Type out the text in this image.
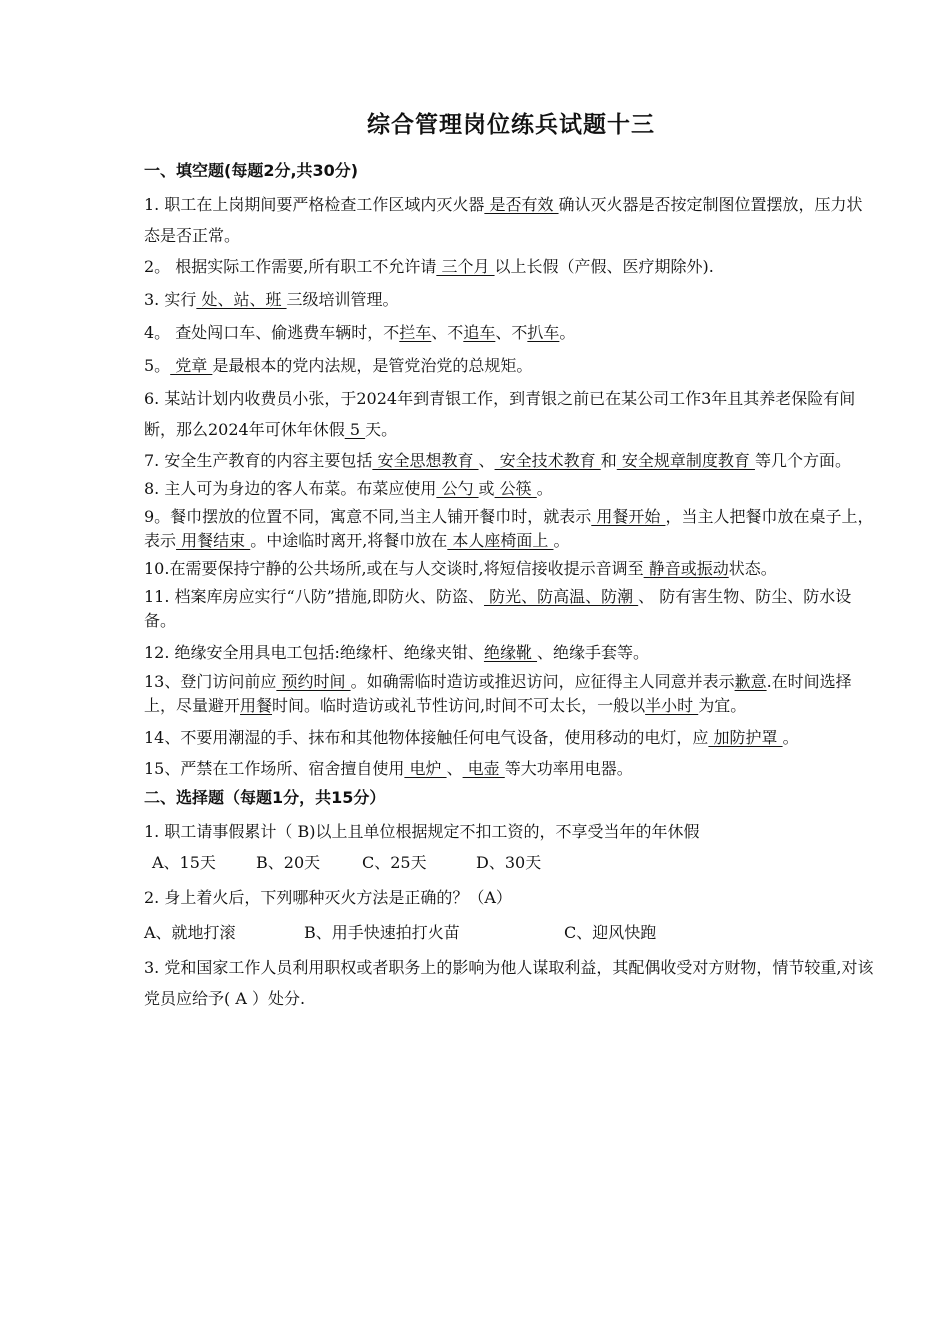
综合管理岗位练兵试题十三
一、填空题(每题2分,共30分)

1. 职工在上岗期间要严格检查工作区域内灭火器 是否有效 确认灭火器是否按定制图位置摆放，压力状态是否正常。

2。 根据实际工作需要,所有职工不允许请 三个月 以上长假（产假、医疗期除外).

3. 实行 处、站、班 三级培训管理。

4。 查处闯口车、偷逃费车辆时，不拦车、不追车、不扒车。

5。 党章 是最根本的党内法规，是管党治党的总规矩。

6. 某站计划内收费员小张，于2024年到青银工作，到青银之前已在某公司工作3年且其养老保险有间断，那么2024年可休年休假 5 天。

7. 安全生产教育的内容主要包括 安全思想教育 、 安全技术教育 和 安全规章制度教育 等几个方面。

8. 主人可为身边的客人布菜。布菜应使用 公勺 或 公筷 。

9。餐巾摆放的位置不同，寓意不同,当主人铺开餐巾时，就表示 用餐开始 ，当主人把餐巾放在桌子上，表示 用餐结束 。中途临时离开,将餐巾放在 本人座椅面上 。

10.在需要保持宁静的公共场所,或在与人交谈时,将短信接收提示音调至 静音或振动状态。

11. 档案库房应实行“八防”措施,即防火、防盗、 防光、防高温、防潮 、 防有害生物、防尘、防水设备。

12. 绝缘安全用具电工包括:绝缘杆、绝缘夹钳、绝缘靴 、绝缘手套等。

13、登门访问前应 预约时间 。如确需临时造访或推迟访问，应征得主人同意并表示歉意.在时间选择上，尽量避开用餐时间。临时造访或礼节性访问,时间不可太长，一般以半小时 为宜。

14、不要用潮湿的手、抹布和其他物体接触任何电气设备，使用移动的电灯，应 加防护罩 。

15、严禁在工作场所、宿舍擅自使用 电炉 、 电壶 等大功率用电器。

二、选择题（每题1分，共15分）

1. 职工请事假累计（ B)以上且单位根据规定不扣工资的，不享受当年的年休假

A、15天	B、20天	C、25天	D、30天

2. 身上着火后，下列哪种灭火方法是正确的？（A）

A、就地打滚	B、用手快速拍打火苗	C、迎风快跑

3. 党和国家工作人员利用职权或者职务上的影响为他人谋取利益，其配偶收受对方财物，情节较重,对该党员应给予( A ）处分.
